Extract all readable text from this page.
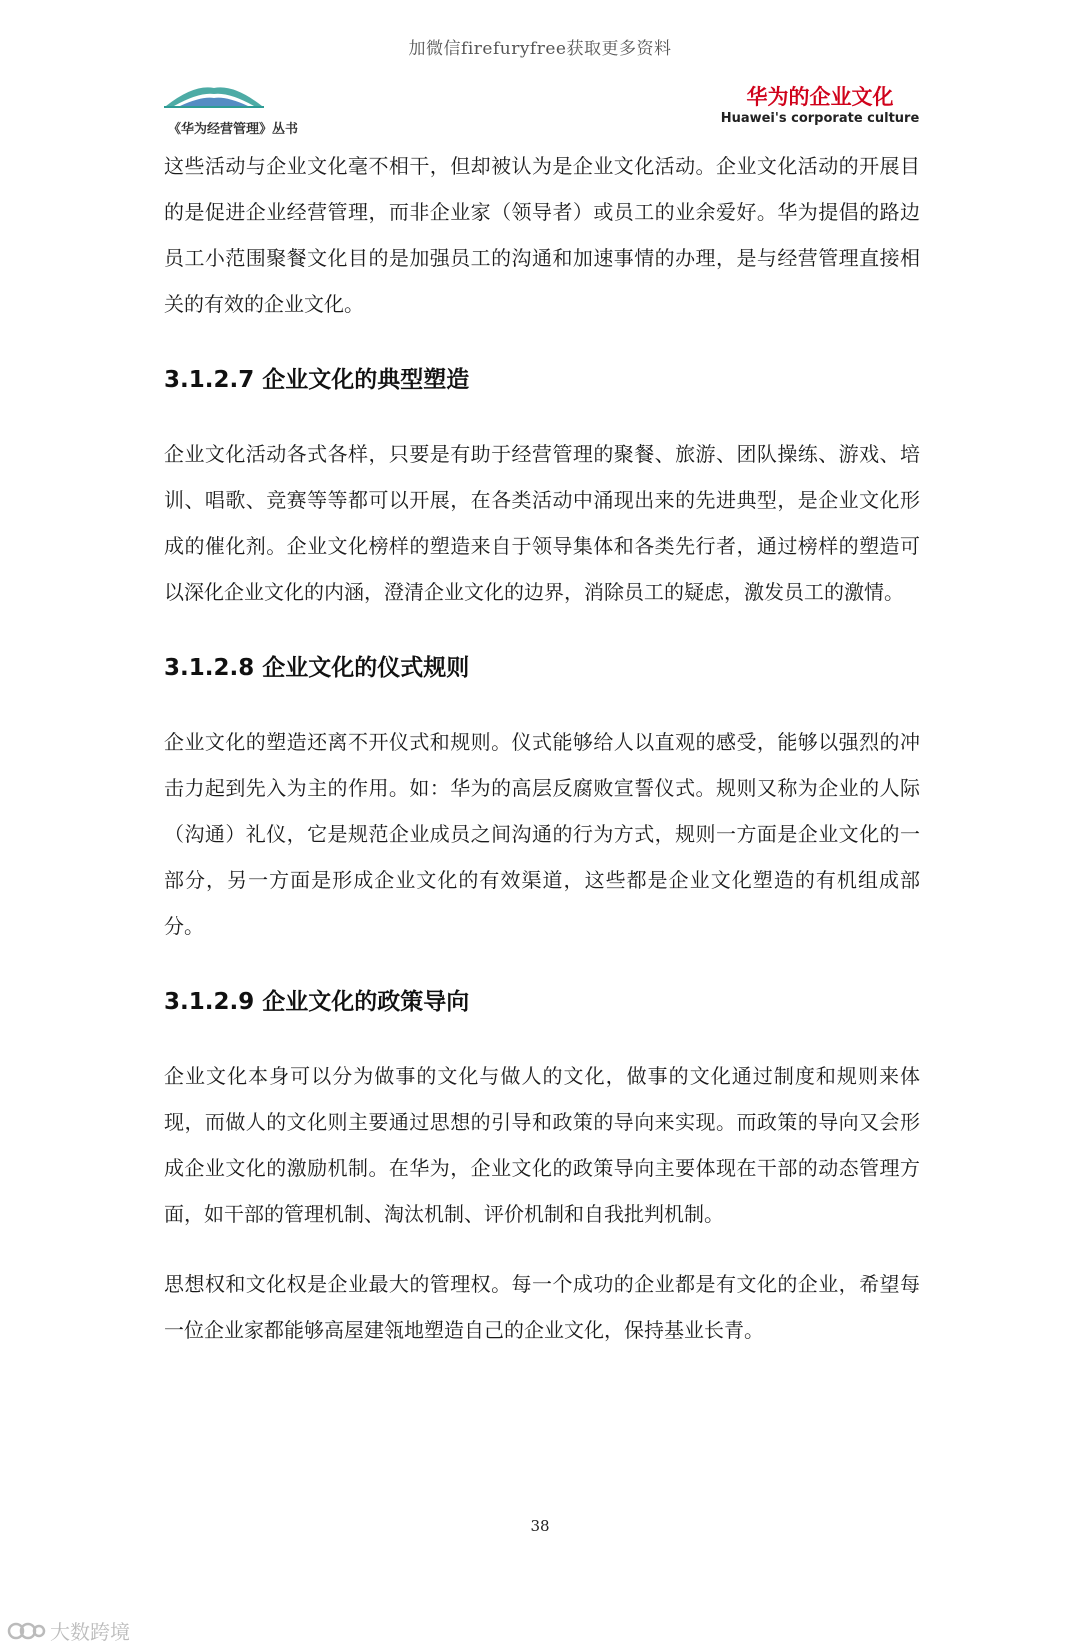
加微信firefuryfree获取更多资料
《华为经营管理》丛书
华为的企业文化
Huawei's corporate culture

这些活动与企业文化毫不相干，但却被认为是企业文化活动。企业文化活动的开展目的是促进企业经营管理，而非企业家（领导者）或员工的业余爱好。华为提倡的路边员工小范围聚餐文化目的是加强员工的沟通和加速事情的办理，是与经营管理直接相关的有效的企业文化。

3.1.2.7 企业文化的典型塑造

企业文化活动各式各样，只要是有助于经营管理的聚餐、旅游、团队操练、游戏、培训、唱歌、竞赛等等都可以开展，在各类活动中涌现出来的先进典型，是企业文化形成的催化剂。企业文化榜样的塑造来自于领导集体和各类先行者，通过榜样的塑造可以深化企业文化的内涵，澄清企业文化的边界，消除员工的疑虑，激发员工的激情。

3.1.2.8 企业文化的仪式规则

企业文化的塑造还离不开仪式和规则。仪式能够给人以直观的感受，能够以强烈的冲击力起到先入为主的作用。如：华为的高层反腐败宣誓仪式。规则又称为企业的人际（沟通）礼仪，它是规范企业成员之间沟通的行为方式，规则一方面是企业文化的一部分，另一方面是形成企业文化的有效渠道，这些都是企业文化塑造的有机组成部分。

3.1.2.9 企业文化的政策导向

企业文化本身可以分为做事的文化与做人的文化，做事的文化通过制度和规则来体现，而做人的文化则主要通过思想的引导和政策的导向来实现。而政策的导向又会形成企业文化的激励机制。在华为，企业文化的政策导向主要体现在干部的动态管理方面，如干部的管理机制、淘汰机制、评价机制和自我批判机制。

思想权和文化权是企业最大的管理权。每一个成功的企业都是有文化的企业，希望每一位企业家都能够高屋建瓴地塑造自己的企业文化，保持基业长青。

38
大数跨境
